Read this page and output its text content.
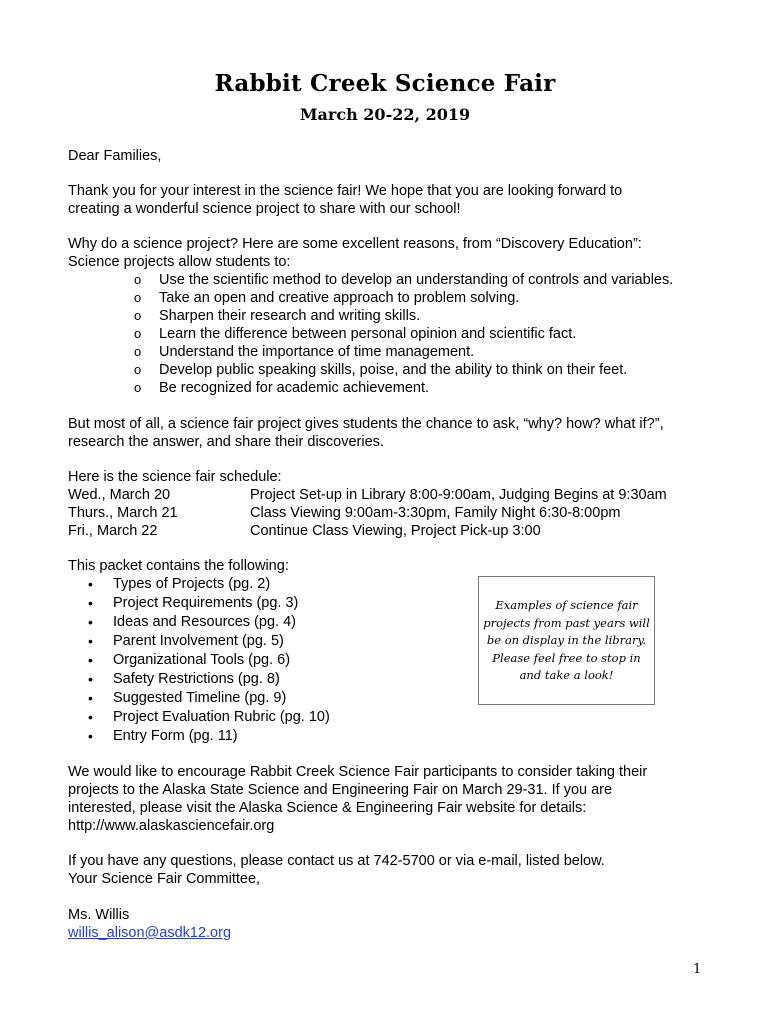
Rabbit Creek Science Fair
March 20-22, 2019
Dear Families,
Thank you for your interest in the science fair! We hope that you are looking forward to
creating a wonderful science project to share with our school!
Why do a science project? Here are some excellent reasons, from “Discovery Education”:
Science projects allow students to:
o Use the scientific method to develop an understanding of controls and variables.
o Take an open and creative approach to problem solving.
o Sharpen their research and writing skills.
o Learn the difference between personal opinion and scientific fact.
o Understand the importance of time management.
o Develop public speaking skills, poise, and the ability to think on their feet.
o Be recognized for academic achievement.
But most of all, a science fair project gives students the chance to ask, “why? how? what if?”,
research the answer, and share their discoveries.
Here is the science fair schedule:
Wed., March 20	Project Set-up in Library 8:00-9:00am, Judging Begins at 9:30am
Thurs., March 21	Class Viewing 9:00am-3:30pm, Family Night 6:30-8:00pm
Fri., March 22	Continue Class Viewing, Project Pick-up 3:00
This packet contains the following:
• Types of Projects (pg. 2)
• Project Requirements (pg. 3)
• Ideas and Resources (pg. 4)
• Parent Involvement (pg. 5)
• Organizational Tools (pg. 6)
• Safety Restrictions (pg. 8)
• Suggested Timeline (pg. 9)
• Project Evaluation Rubric (pg. 10)
• Entry Form (pg. 11)
Examples of science fair
projects from past years will
be on display in the library.
Please feel free to stop in
and take a look!
We would like to encourage Rabbit Creek Science Fair participants to consider taking their
projects to the Alaska State Science and Engineering Fair on March 29-31. If you are
interested, please visit the Alaska Science & Engineering Fair website for details:
http://www.alaskasciencefair.org
If you have any questions, please contact us at 742-5700 or via e-mail, listed below.
Your Science Fair Committee,
Ms. Willis
willis_alison@asdk12.org
1
